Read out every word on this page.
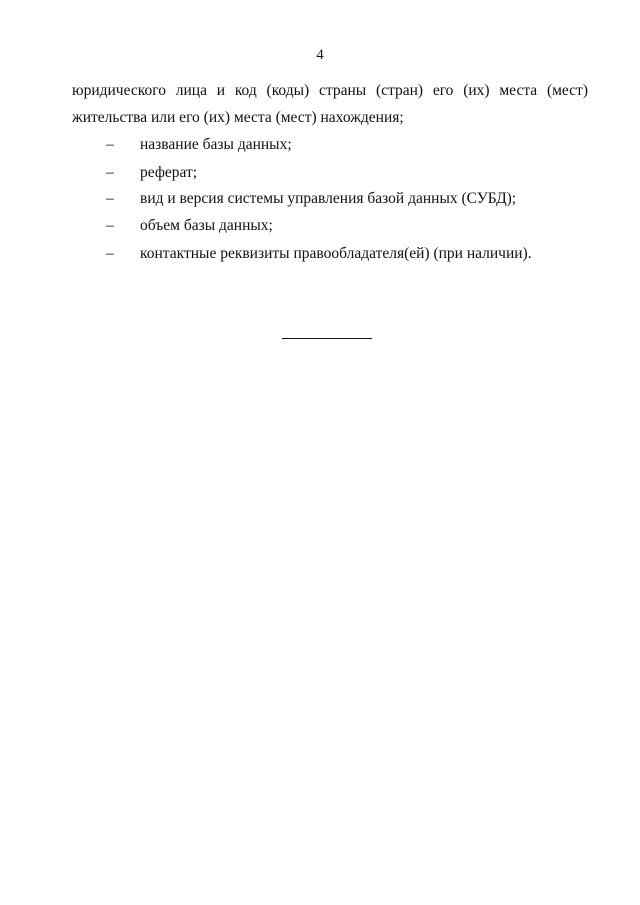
4
юридического лица и код (коды) страны (стран) его (их) места (мест)
жительства или его (их) места (мест) нахождения;
–	название базы данных;
–	реферат;
–	вид и версия системы управления базой данных (СУБД);
–	объем базы данных;
–	контактные реквизиты правообладателя(ей) (при наличии).
